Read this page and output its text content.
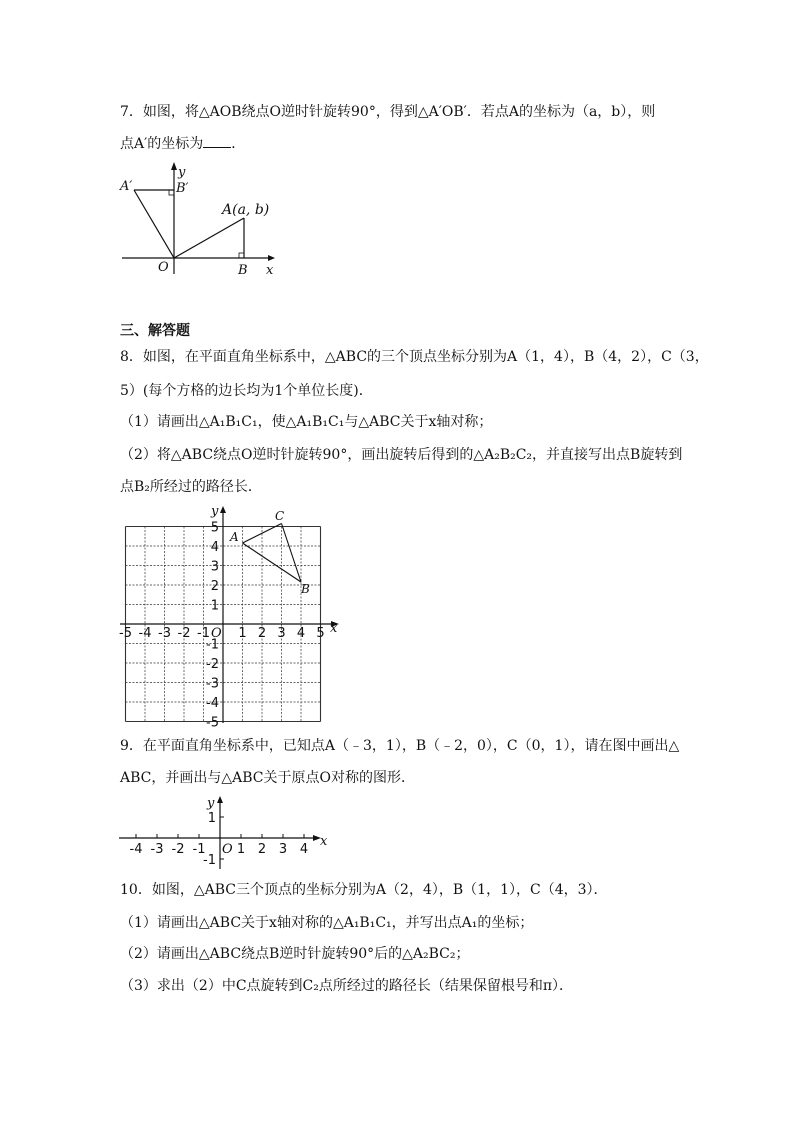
7．如图，将△AOB绕点O逆时针旋转90°，得到△A′OB′．若点A的坐标为（a，b），则
点A′的坐标为 ．
A′	B′
y
x
O	B
A(a, b)
三、解答题
8．如图，在平面直角坐标系中，△ABC的三个顶点坐标分别为A（1，4），B（4，2），C（3，
5）(每个方格的边长均为1个单位长度)．
（1）请画出△A₁B₁C₁，使△A₁B₁C₁与△ABC关于x轴对称；
（2）将△ABC绕点O逆时针旋转90°，画出旋转后得到的△A₂B₂C₂，并直接写出点B旋转到
点B₂所经过的路径长．
A
B
C
x
y
O
-5 -4 -3 -2 -1 1 2 3 4 5
5
4
3
2
1
-1
-2
-3
-4
-5
9．在平面直角坐标系中，已知点A（﹣3，1），B（﹣2，0），C（0，1），请在图中画出△
ABC，并画出与△ABC关于原点O对称的图形．
x
y
O
-4 -3 -2 -1 1 2 3 4
1
-1
10．如图，△ABC三个顶点的坐标分别为A（2，4），B（1，1），C（4，3）．
（1）请画出△ABC关于x轴对称的△A₁B₁C₁，并写出点A₁的坐标；
（2）请画出△ABC绕点B逆时针旋转90°后的△A₂BC₂；
（3）求出（2）中C点旋转到C₂点所经过的路径长（结果保留根号和π）．
